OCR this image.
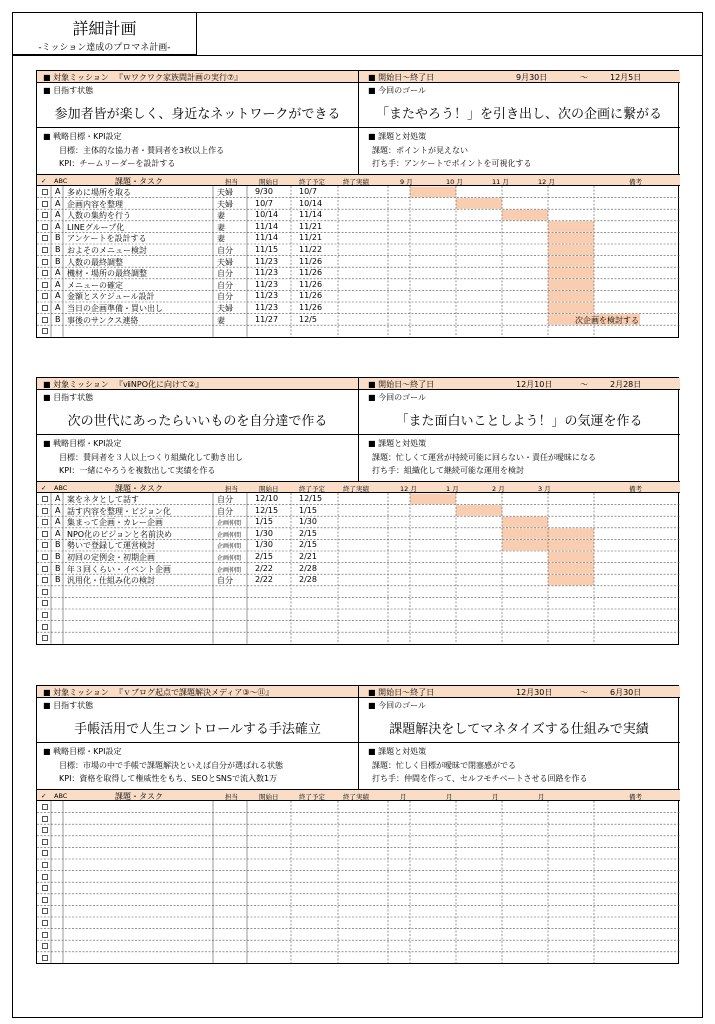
詳細計画
-ミッション達成のプロマネ計画-
■ 対象ミッション 『ｗワクワク家族間計画の実行⑦』	■ 開始日～終了日	9月30日	～	12月5日
■ 目指す状態
参加者皆が楽しく、身近なネットワークができる
■ 今回のゴール
「またやろう！」を引き出し、次の企画に繋がる
■ 戦略目標・KPI設定
目標：主体的な協力者・賛同者を3枚以上作る
KPI：チームリーダーを設計する
■ 課題と対処策
課題：ポイントが見えない
打ち手：アンケートでポイントを可視化する
✓ ABC	課題・タスク	担当	開始日	終了予定	終了実績	備考
9 月	10 月	11 月	12 月
A 多めに場所を取る	夫婦	9/30	10/7
A 企画内容を整理	夫婦	10/7	10/14
A 人数の集約を行う	妻	10/14	11/14
A LINEグループ化	妻	11/14	11/21
B アンケートを設計する	妻	11/14	11/21
B およそのメニュー検討	自分	11/15	11/22
B 人数の最終調整	夫婦	11/23	11/26
A 機材・場所の最終調整	自分	11/23	11/26
A メニューの確定	自分	11/23	11/26
A 金額とスケジュール設計	自分	11/23	11/26
A 当日の企画準備・買い出し	夫婦	11/23	11/26
B 事後のサンクス連絡	妻	11/27	12/5	次企画を検討する
■ 対象ミッション 『ⅶNPO化に向けて②』	■ 開始日～終了日	12月10日	～	2月28日
■ 目指す状態
次の世代にあったらいいものを自分達で作る
■ 今回のゴール
「また面白いことしよう！」の気運を作る
■ 戦略目標・KPI設定
目標：賛同者を３人以上つくり組織化して動き出し
KPI：一緒にやろうを複数出して実績を作る
■ 課題と対処策
課題：忙しくて運営が持続可能に回らない・責任が曖昧になる
打ち手：組織化して継続可能な運用を検討
✓ ABC	課題・タスク	担当	開始日	終了予定	終了実績	備考
12 月	1 月	2 月	3 月
A 案をネタとして話す	自分	12/10	12/15
A 話す内容を整理・ビジョン化	自分	12/15	1/15
A 集まって企画・カレー企画	企画仲間 1/15	1/30
A NPO化のビジョンと名前決め	企画仲間 1/30	2/15
B 勢いで登録して運営検討	企画仲間 1/30	2/15
B 初回の定例会・初期企画	企画仲間 2/15	2/21
B 年３回くらい・イベント企画	企画仲間 2/22	2/28
B 汎用化・仕組み化の検討	自分	2/22	2/28
■ 対象ミッション 『ｖブログ起点で課題解決メディア③～⑪』	■ 開始日～終了日	12月30日	～	6月30日
■ 目指す状態
手帳活用で人生コントロールする手法確立
■ 今回のゴール
課題解決をしてマネタイズする仕組みで実績
■ 戦略目標・KPI設定
目標：市場の中で手帳で課題解決といえば自分が選ばれる状態
KPI：資格を取得して権威性をもち、SEOとSNSで流入数1万
■ 課題と対処策
課題：忙しく目標が曖昧で閉塞感がでる
打ち手：仲間を作って、セルフモチベートさせる回路を作る
✓ ABC	課題・タスク	担当	開始日	終了予定	終了実績	備考
月	月	月	月
